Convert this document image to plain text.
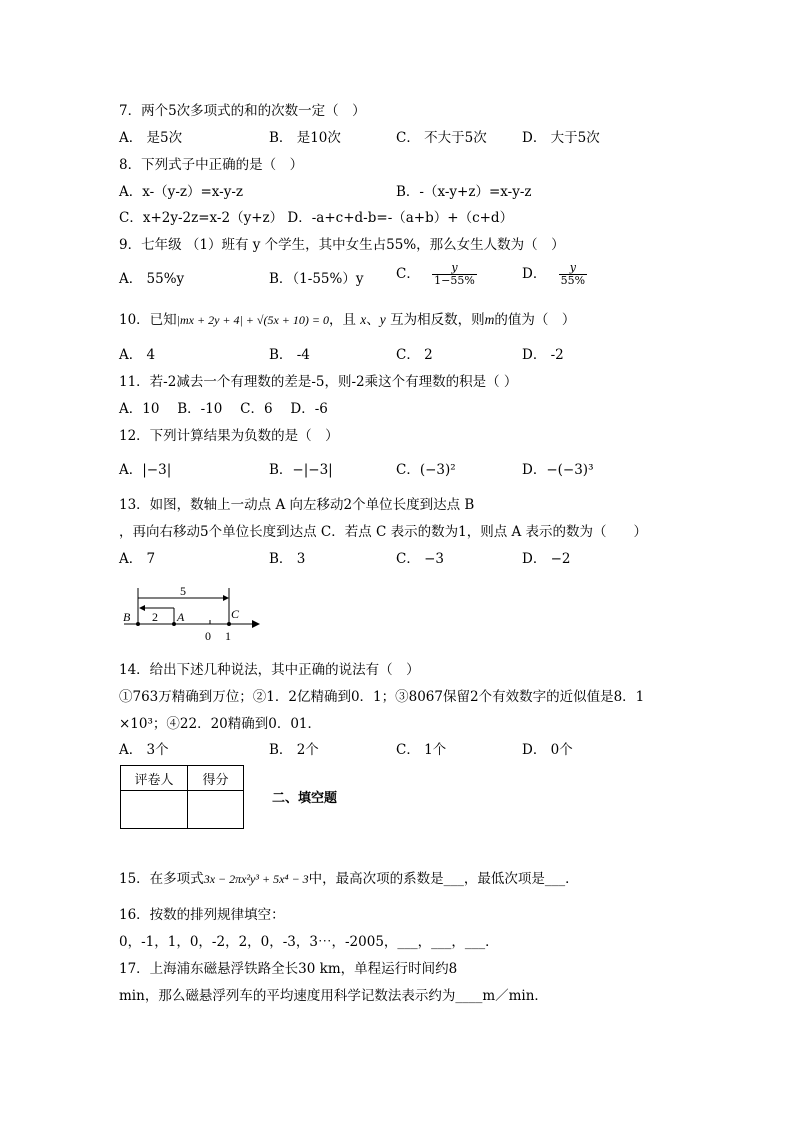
7．两个5次多项式的和的次数一定（　）
A． 是5次	B． 是10次	C． 不大于5次	D． 大于5次
8．下列式子中正确的是（　）
A．x-（y-z）=x-y-z	B．-（x-y+z）=x-y-z
C．x+2y-2z=x-2（y+z） D．-a+c+d-b=-（a+b）+（c+d）
9．七年级 （1）班有 y 个学生，其中女生占55%，那么女生人数为（　）
A． 55%y	B．（1-55%）y C． $\frac{y}{1-55\%}$	D． $\frac{y}{55\%}$
10．已知|mx + 2y + 4| + √(5x + 10) = 0，且 x、y 互为相反数，则m的值为（　）
A． 4	B． -4	C． 2	D． -2
11．若-2减去一个有理数的差是-5，则-2乘这个有理数的积是（ ）
A．10　 B．-10　 C．6　 D．-6
12．下列计算结果为负数的是（　）
A．|−3|	B．−|−3|	C．(−3)²	D．−(−3)³
13．如图，数轴上一动点 A 向左移动2个单位长度到达点 B
，再向右移动5个单位长度到达点 C．若点 C 表示的数为1，则点 A 表示的数为（　　）
A． 7	B． 3	C． −3	D． −2
5
2
B	A	C
0 1
14．给出下述几种说法，其中正确的说法有（　）
①763万精确到万位；②1．2亿精确到0．1；③8067保留2个有效数字的近似值是8．1
×10³；④22．20精确到0．01．
A． 3个	B． 2个	C． 1个	D． 0个
评卷人	得分

二、填空题
15．在多项式3x − 2πx²y³ + 5x⁴ − 3中，最高次项的系数是___，最低次项是___．
16．按数的排列规律填空：
0，-1，1，0，-2，2，0，-3，3⋯，-2005，___，___，___．
17．上海浦东磁悬浮铁路全长30 km，单程运行时间约8
min，那么磁悬浮列车的平均速度用科学记数法表示约为____m／min．
